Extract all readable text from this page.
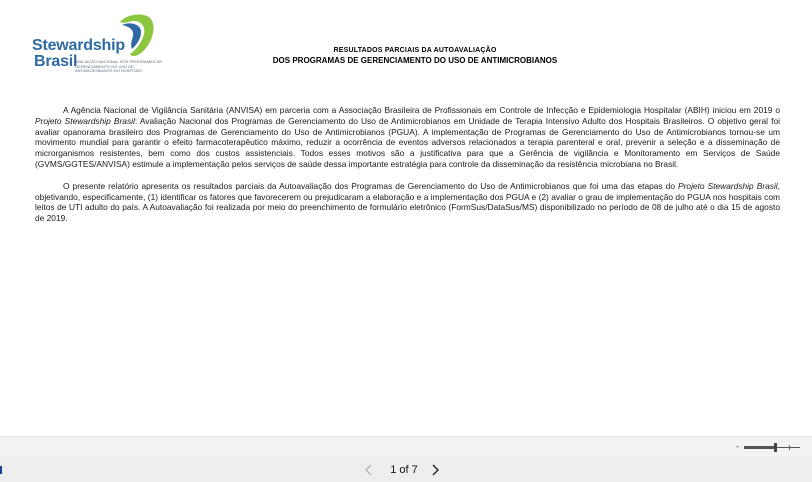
Stewardship
Brasil
AVALIAÇÃO NACIONAL DOS PROGRAMAS DE GERENCIAMENTO DO USO DE ANTIMICROBIANOS EM HOSPITAIS
RESULTADOS PARCIAIS DA AUTOAVALIAÇÃO
DOS PROGRAMAS DE GERENCIAMENTO DO USO DE ANTIMICROBIANOS

A Agência Nacional de Vigilância Sanitária (ANVISA) em parceria com a Associação Brasileira de Profissionais em Controle de Infecção e Epidemiologia Hospitalar (ABIH) iniciou em 2019 o Projeto Stewardship Brasil: Avaliação Nacional dos Programas de Gerenciamento do Uso de Antimicrobianos em Unidade de Terapia Intensivo Adulto dos Hospitais Brasileiros. O objetivo geral foi avaliar opanorama brasileiro dos Programas de Gerenciamento do Uso de Antimicrobianos (PGUA). A implementação de Programas de Gerenciamento do Uso de Antimicrobianos tornou-se um movimento mundial para garantir o efeito farmacoterapêutico máximo, reduzir a ocorrência de eventos adversos relacionados a terapia parenteral e oral, prevenir a seleção e a disseminação de microrganismos resistentes, bem como dos custos assistenciais. Todos esses motivos são a justificativa para que a Gerência de vigilância e Monitoramento em Serviços de Saúde (GVMS/GGTES/ANVISA) estimule a implementação pelos serviços de saúde dessa importante estratégia para controle da disseminação da resistência microbiana no Brasil.

O presente relatório apresenta os resultados parciais da Autoavaliação dos Programas de Gerenciamento do Uso de Antimicrobianos que foi uma das etapas do Projeto Stewardship Brasil, objetivando, especificamente, (1) identificar os fatores que favorecerem ou prejudicaram a elaboração e a implementação dos PGUA e (2) avaliar o grau de implementação do PGUA nos hospitais com leitos de UTI adulto do país. A Autoavaliação foi realizada por meio do preenchimento de formulário eletrônico (FormSus/DataSus/MS) disponibilizado no período de 08 de julho até o dia 15 de agosto de 2019.

-
1 of 7
